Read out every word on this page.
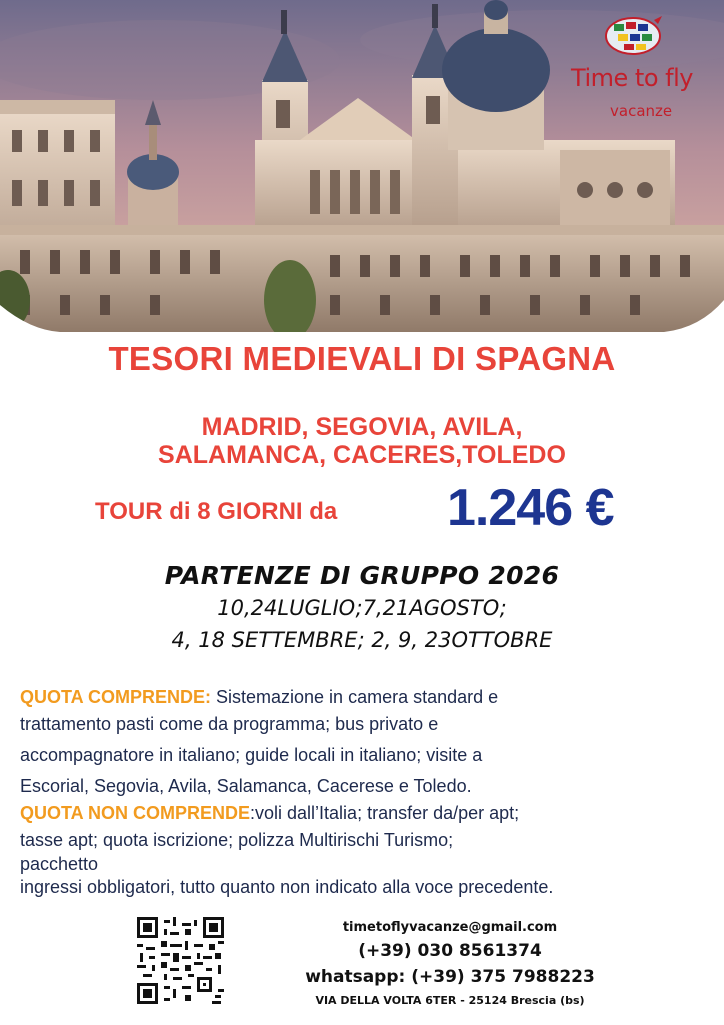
Time to fly
vacanze
TESORI MEDIEVALI DI SPAGNA
MADRID, SEGOVIA, AVILA,
SALAMANCA, CACERES,TOLEDO
TOUR di 8 GIORNI da 1.246 €
PARTENZE DI GRUPPO 2026
10,24LUGLIO;7,21AGOSTO;
4, 18 SETTEMBRE; 2, 9, 23OTTOBRE

QUOTA COMPRENDE: Sistemazione in camera standard e

trattamento pasti come da programma; bus privato e

accompagnatore in italiano; guide locali in italiano; visite a

Escorial, Segovia, Avila, Salamanca, Cacerese e Toledo.

QUOTA NON COMPRENDE:voli dall’Italia; transfer da/per apt;

tasse apt; quota iscrizione; polizza Multirischi Turismo;

pacchetto

ingressi obbligatori, tutto quanto non indicato alla voce precedente.

timetoflyvacanze@gmail.com
(+39) 030 8561374
whatsapp: (+39) 375 7988223
VIA DELLA VOLTA 6TER - 25124 Brescia (bs)
